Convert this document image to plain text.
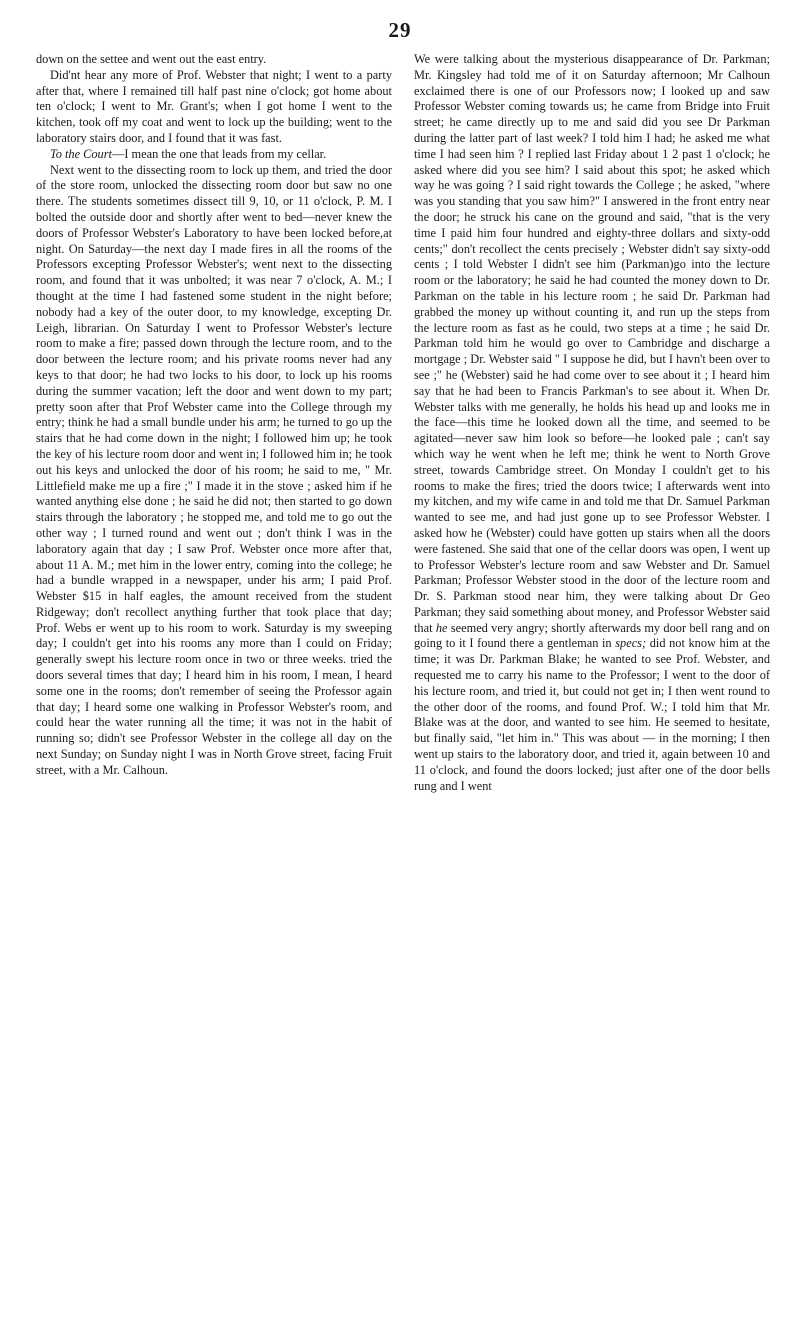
29

down on the settee and went out the east entry.

Did'nt hear any more of Prof. Webster that night; I went to a party after that, where I remained till half past nine o'clock; got home about ten o'clock; I went to Mr. Grant's; when I got home I went to the kitchen, took off my coat and went to lock up the building; went to the laboratory stairs door, and I found that it was fast.

To the Court—I mean the one that leads from my cellar.

Next went to the dissecting room to lock up them, and tried the door of the store room, unlocked the dissecting room door but saw no one there. The students sometimes dissect till 9, 10, or 11 o'clock, P. M. I bolted the outside door and shortly after went to bed—never knew the doors of Professor Webster's Laboratory to have been locked before,at night. On Saturday—the next day I made fires in all the rooms of the Professors excepting Professor Webster's; went next to the dissecting room, and found that it was unbolted; it was near 7 o'clock, A. M.; I thought at the time I had fastened some student in the night before; nobody had a key of the outer door, to my knowledge, excepting Dr. Leigh, librarian. On Saturday I went to Professor Webster's lecture room to make a fire; passed down through the lecture room, and to the door between the lecture room; and his private rooms never had any keys to that door; he had two locks to his door, to lock up his rooms during the summer vacation; left the door and went down to my part; pretty soon after that Prof Webster came into the College through my entry; think he had a small bundle under his arm; he turned to go up the stairs that he had come down in the night; I followed him up; he took the key of his lecture room door and went in; I followed him in; he took out his keys and unlocked the door of his room; he said to me, " Mr. Littlefield make me up a fire ;" I made it in the stove ; asked him if he wanted anything else done ; he said he did not; then started to go down stairs through the laboratory ; he stopped me, and told me to go out the other way ; I turned round and went out ; don't think I was in the laboratory again that day ; I saw Prof. Webster once more after that, about 11 A. M.; met him in the lower entry, coming into the college; he had a bundle wrapped in a newspaper, under his arm; I paid Prof. Webster $15 in half eagles, the amount received from the student Ridgeway; don't recollect anything further that took place that day; Prof. Webs er went up to his room to work. Saturday is my sweeping day; I couldn't get into his rooms any more than I could on Friday; generally swept his lecture room once in two or three weeks. tried the doors several times that day; I heard him in his room, I mean, I heard some one in the rooms; don't remember of seeing the Professor again that day; I heard some one walking in Professor Webster's room, and could hear the water running all the time; it was not in the habit of running so; didn't see Professor Webster in the college all day on the next Sunday; on Sunday night I was in North Grove street, facing Fruit street, with a Mr. Calhoun.

We were talking about the mysterious disappearance of Dr. Parkman; Mr. Kingsley had told me of it on Saturday afternoon; Mr Calhoun exclaimed there is one of our Professors now; I looked up and saw Professor Webster coming towards us; he came from Bridge into Fruit street; he came directly up to me and said did you see Dr Parkman during the latter part of last week? I told him I had; he asked me what time I had seen him ? I replied last Friday about 1 2 past 1 o'clock; he asked where did you see him? I said about this spot; he asked which way he was going ? I said right towards the College ; he asked, "where was you standing that you saw him?" I answered in the front entry near the door; he struck his cane on the ground and said, "that is the very time I paid him four hundred and eighty-three dollars and sixty-odd cents;" don't recollect the cents precisely ; Webster didn't say sixty-odd cents ; I told Webster I didn't see him (Parkman)go into the lecture room or the laboratory; he said he had counted the money down to Dr. Parkman on the table in his lecture room ; he said Dr. Parkman had grabbed the money up without counting it, and run up the steps from the lecture room as fast as he could, two steps at a time ; he said Dr. Parkman told him he would go over to Cambridge and discharge a mortgage ; Dr. Webster said " I suppose he did, but I havn't been over to see ;" he (Webster) said he had come over to see about it ; I heard him say that he had been to Francis Parkman's to see about it. When Dr. Webster talks with me generally, he holds his head up and looks me in the face—this time he looked down all the time, and seemed to be agitated—never saw him look so before—he looked pale ; can't say which way he went when he left me; think he went to North Grove street, towards Cambridge street. On Monday I couldn't get to his rooms to make the fires; tried the doors twice; I afterwards went into my kitchen, and my wife came in and told me that Dr. Samuel Parkman wanted to see me, and had just gone up to see Professor Webster. I asked how he (Webster) could have gotten up stairs when all the doors were fastened. She said that one of the cellar doors was open, I went up to Professor Webster's lecture room and saw Webster and Dr. Samuel Parkman; Professor Webster stood in the door of the lecture room and Dr. S. Parkman stood near him, they were talking about Dr Geo Parkman; they said something about money, and Professor Webster said that he seemed very angry; shortly afterwards my door bell rang and on going to it I found there a gentleman in specs; did not know him at the time; it was Dr. Parkman Blake; he wanted to see Prof. Webster, and requested me to carry his name to the Professor; I went to the door of his lecture room, and tried it, but could not get in; I then went round to the other door of the rooms, and found Prof. W.; I told him that Mr. Blake was at the door, and wanted to see him. He seemed to hesitate, but finally said, "let him in." This was about — in the morning; I then went up stairs to the laboratory door, and tried it, again between 10 and 11 o'clock, and found the doors locked; just after one of the door bells rung and I went
